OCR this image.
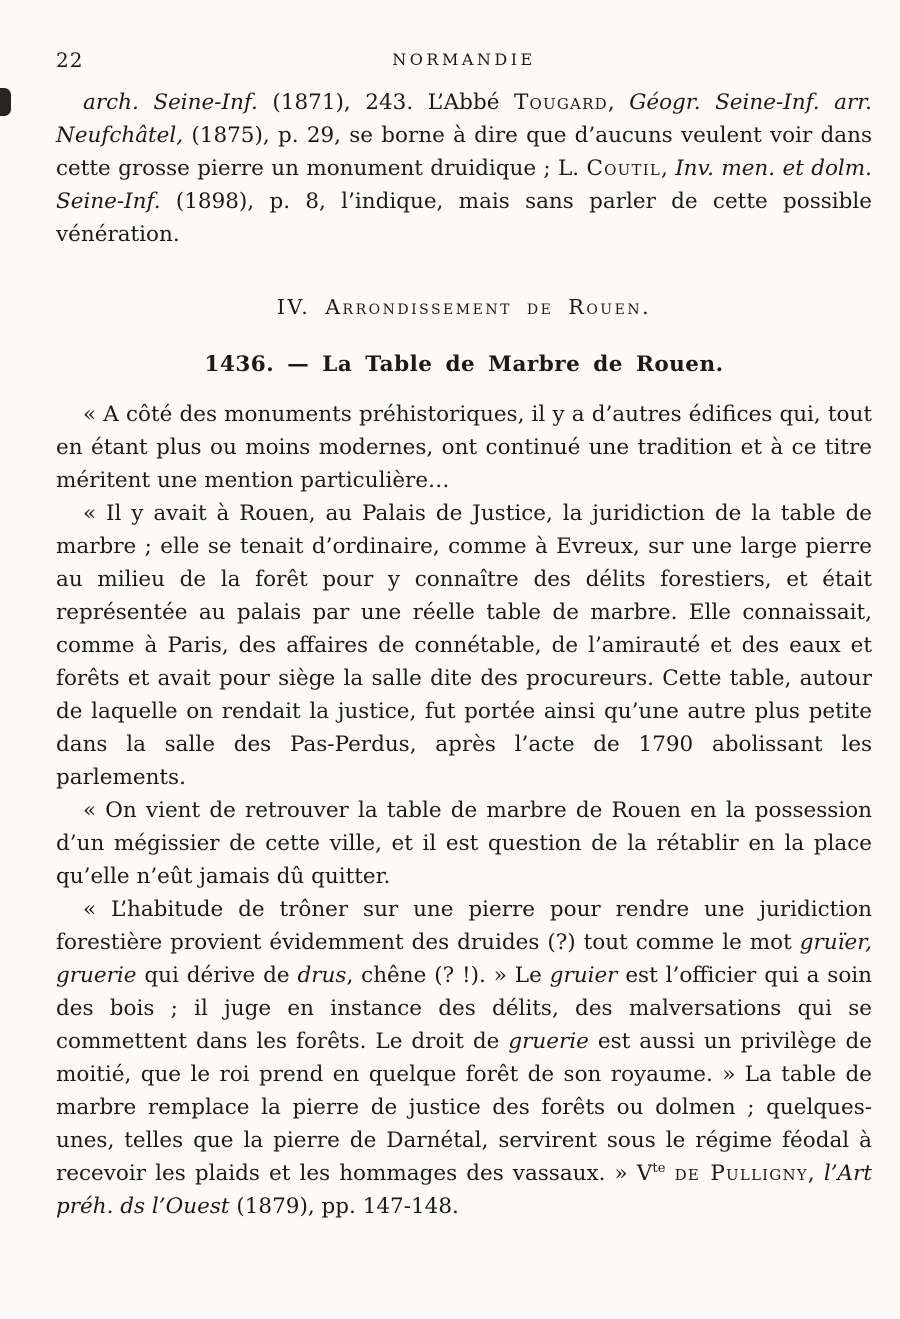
22	NORMANDIE

arch. Seine-Inf. (1871), 243. L’Abbé Tougard, Géogr. Seine-Inf. arr. Neufchâtel, (1875), p. 29, se borne à dire que d’aucuns veulent voir dans cette grosse pierre un monument druidique ; L. Coutil, Inv. men. et dolm. Seine-Inf. (1898), p. 8, l’indique, mais sans parler de cette possible vénération.

IV. Arrondissement de Rouen.
1436. — La Table de Marbre de Rouen.

« A côté des monuments préhistoriques, il y a d’autres édifices qui, tout en étant plus ou moins modernes, ont continué une tradition et à ce titre méritent une mention particulière…

« Il y avait à Rouen, au Palais de Justice, la juridiction de la table de marbre ; elle se tenait d’ordinaire, comme à Evreux, sur une large pierre au milieu de la forêt pour y connaître des délits forestiers, et était représentée au palais par une réelle table de marbre. Elle connaissait, comme à Paris, des affaires de connétable, de l’amirauté et des eaux et forêts et avait pour siège la salle dite des procureurs. Cette table, autour de laquelle on rendait la justice, fut portée ainsi qu’une autre plus petite dans la salle des Pas-Perdus, après l’acte de 1790 abolissant les parlements.

« On vient de retrouver la table de marbre de Rouen en la possession d’un mégissier de cette ville, et il est question de la rétablir en la place qu’elle n’eût jamais dû quitter.

« L’habitude de trôner sur une pierre pour rendre une juridiction forestière provient évidemment des druides (?) tout comme le mot gruïer, gruerie qui dérive de drus, chêne (? !). » Le gruier est l’officier qui a soin des bois ; il juge en instance des délits, des malversations qui se commettent dans les forêts. Le droit de gruerie est aussi un privilège de moitié, que le roi prend en quelque forêt de son royaume. » La table de marbre remplace la pierre de justice des forêts ou dolmen ; quelques-unes, telles que la pierre de Darnétal, servirent sous le régime féodal à recevoir les plaids et les hommages des vassaux. » $V^{te}$ de Pulligny, l’Art préh. ds l’Ouest (1879), pp. 147-148.
